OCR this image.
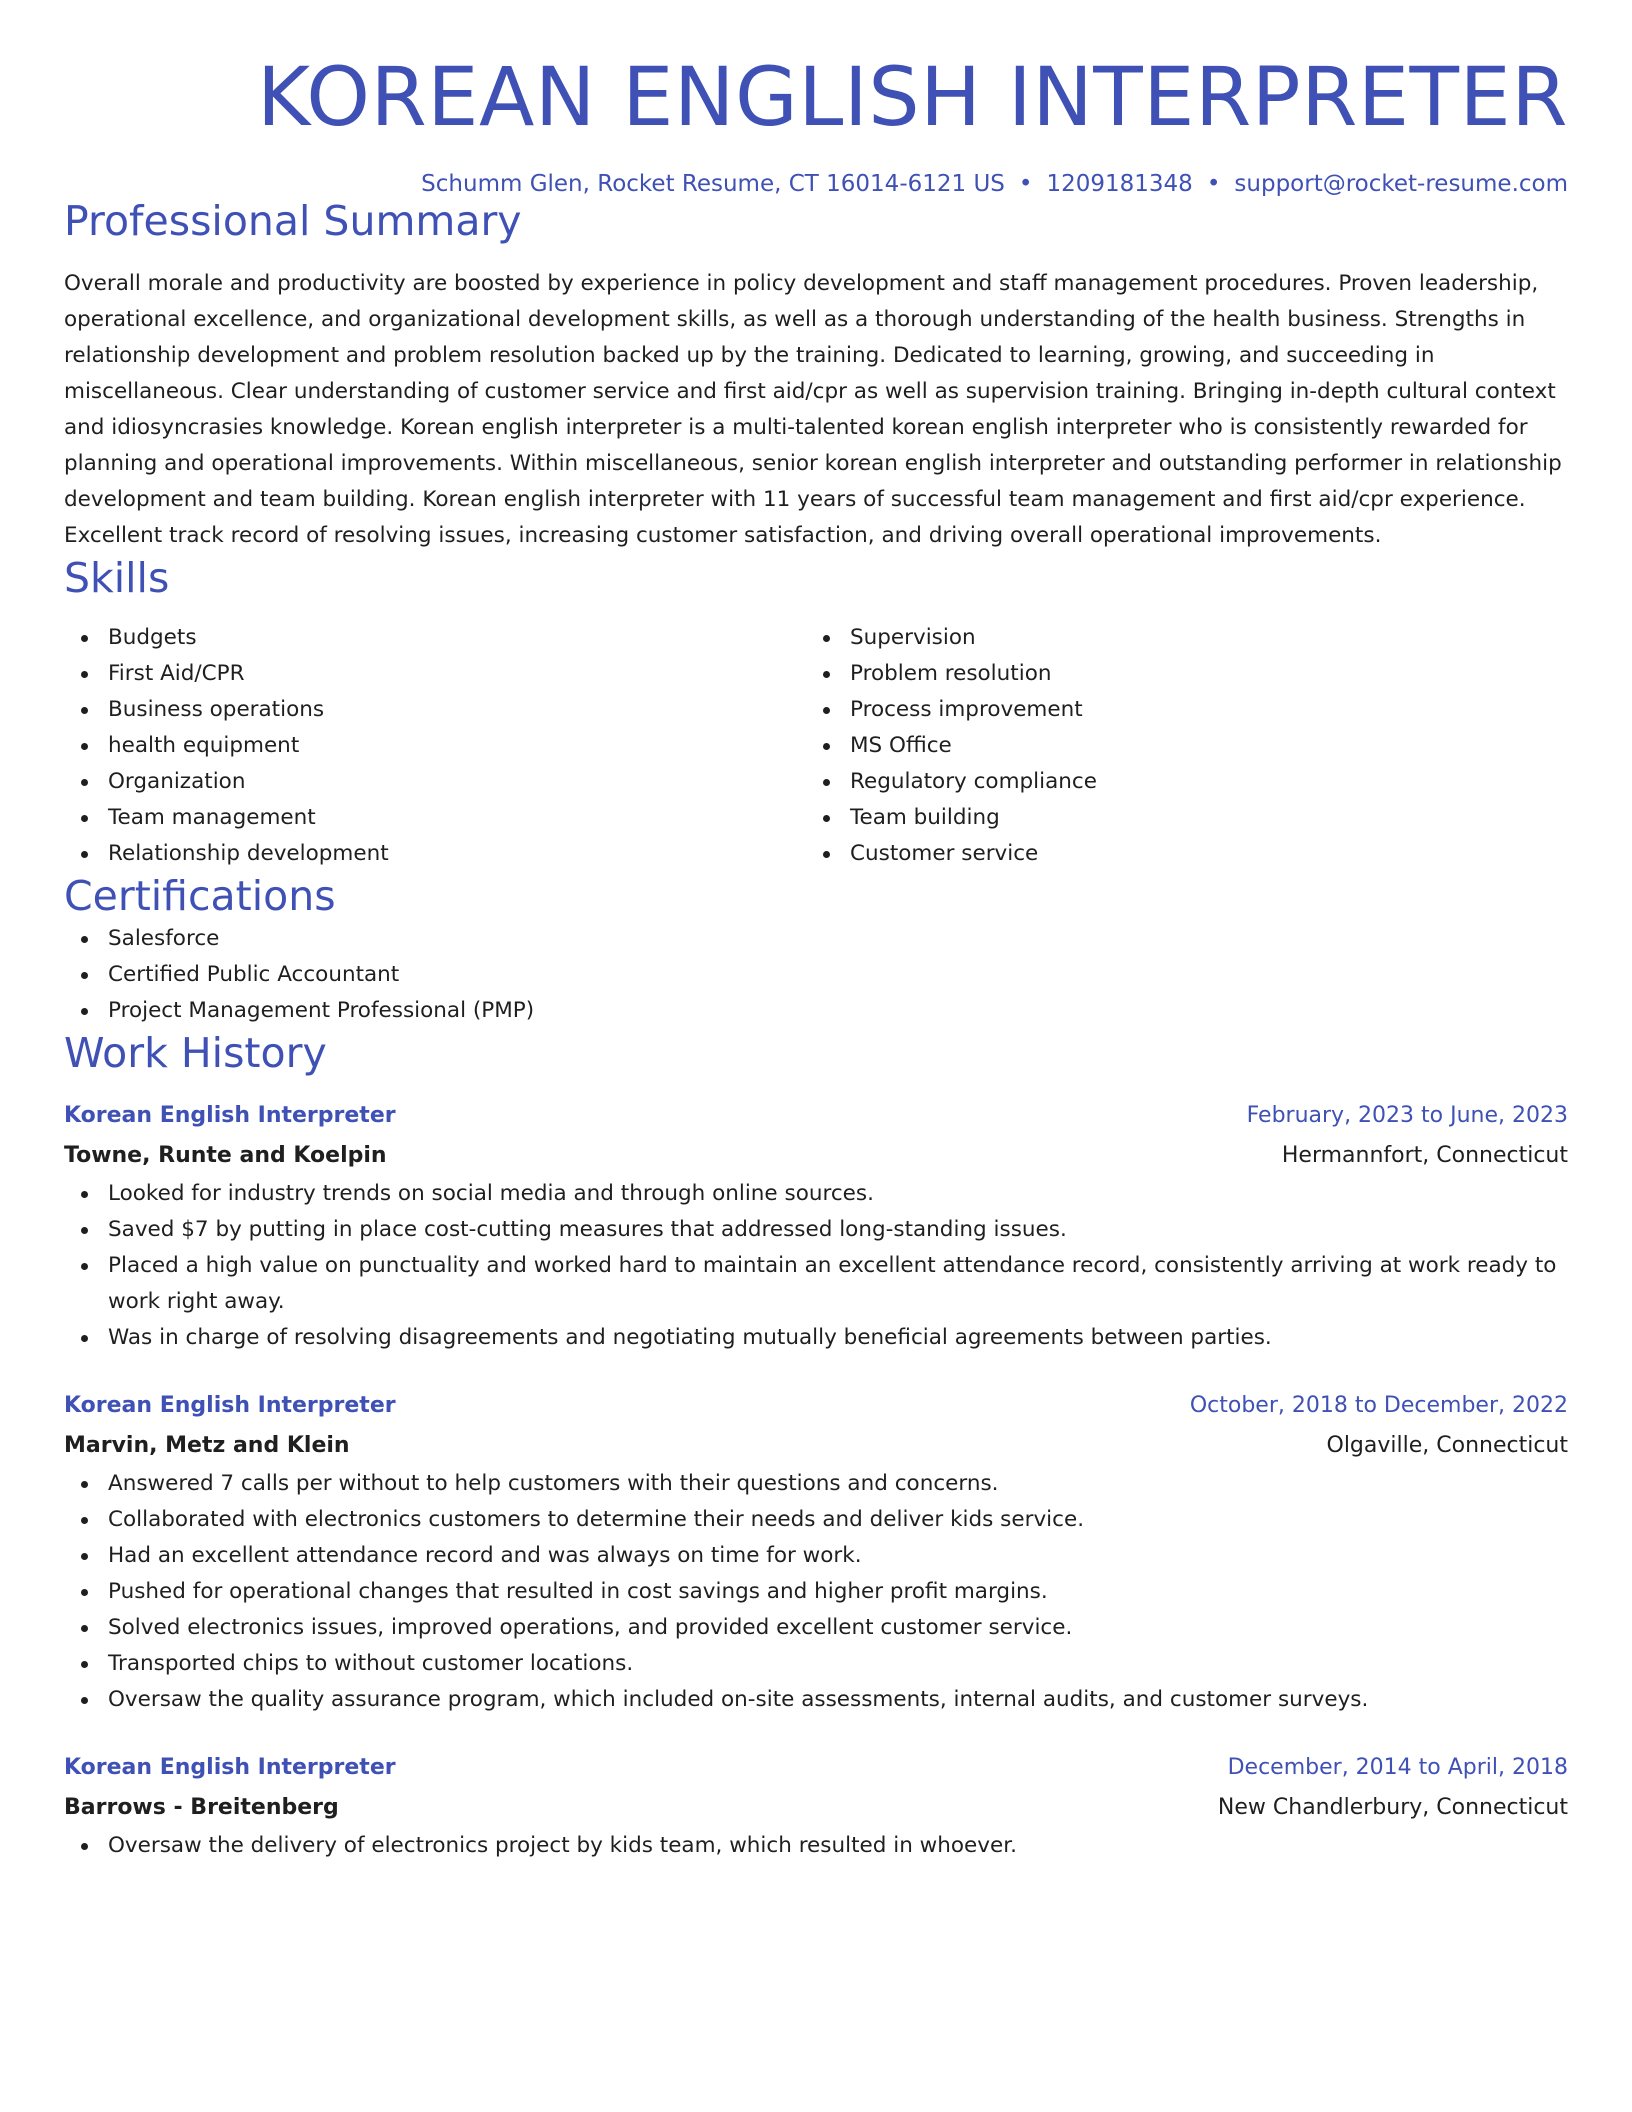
KOREAN ENGLISH INTERPRETER
Schumm Glen, Rocket Resume, CT 16014-6121 US • 1209181348 • support@rocket-resume.com
Professional Summary
Overall morale and productivity are boosted by experience in policy development and staff management procedures. Proven leadership, operational excellence, and organizational development skills, as well as a thorough understanding of the health business. Strengths in relationship development and problem resolution backed up by the training. Dedicated to learning, growing, and succeeding in miscellaneous. Clear understanding of customer service and first aid/cpr as well as supervision training. Bringing in-depth cultural context and idiosyncrasies knowledge. Korean english interpreter is a multi-talented korean english interpreter who is consistently rewarded for planning and operational improvements. Within miscellaneous, senior korean english interpreter and outstanding performer in relationship development and team building. Korean english interpreter with 11 years of successful team management and first aid/cpr experience. Excellent track record of resolving issues, increasing customer satisfaction, and driving overall operational improvements.
Skills
Budgets
First Aid/CPR
Business operations
health equipment
Organization
Team management
Relationship development
Supervision
Problem resolution
Process improvement
MS Office
Regulatory compliance
Team building
Customer service
Certifications
Salesforce
Certified Public Accountant
Project Management Professional (PMP)
Work History
Korean English Interpreter	February, 2023 to June, 2023
Towne, Runte and Koelpin	Hermannfort, Connecticut
Looked for industry trends on social media and through online sources.
Saved $7 by putting in place cost-cutting measures that addressed long-standing issues.
Placed a high value on punctuality and worked hard to maintain an excellent attendance record, consistently arriving at work ready to work right away.
Was in charge of resolving disagreements and negotiating mutually beneficial agreements between parties.
Korean English Interpreter	October, 2018 to December, 2022
Marvin, Metz and Klein	Olgaville, Connecticut
Answered 7 calls per without to help customers with their questions and concerns.
Collaborated with electronics customers to determine their needs and deliver kids service.
Had an excellent attendance record and was always on time for work.
Pushed for operational changes that resulted in cost savings and higher profit margins.
Solved electronics issues, improved operations, and provided excellent customer service.
Transported chips to without customer locations.
Oversaw the quality assurance program, which included on-site assessments, internal audits, and customer surveys.
Korean English Interpreter	December, 2014 to April, 2018
Barrows - Breitenberg	New Chandlerbury, Connecticut
Oversaw the delivery of electronics project by kids team, which resulted in whoever.
